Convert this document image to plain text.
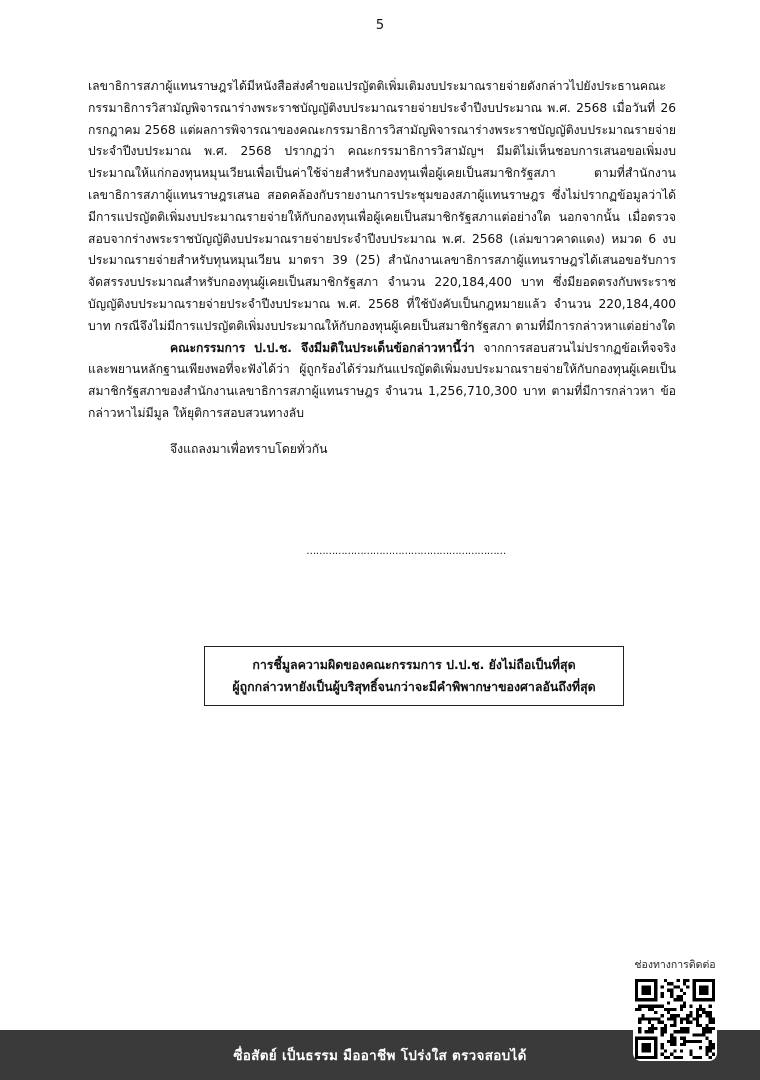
5

เลขาธิการสภาผู้แทนราษฎรได้มีหนังสือส่งคำขอแปรญัตติเพิ่มเติมงบประมาณรายจ่ายดังกล่าวไปยังประธานคณะกรรมาธิการวิสามัญพิจารณาร่างพระราชบัญญัติงบประมาณรายจ่ายประจำปีงบประมาณ พ.ศ. 2568 เมื่อวันที่ 26 กรกฎาคม 2568 แต่ผลการพิจารณาของคณะกรรมาธิการวิสามัญพิจารณาร่างพระราชบัญญัติงบประมาณรายจ่ายประจำปีงบประมาณ พ.ศ. 2568 ปรากฏว่า คณะกรรมาธิการวิสามัญฯ มีมติไม่เห็นชอบการเสนอขอเพิ่มงบประมาณให้แก่กองทุนหมุนเวียนเพื่อเป็นค่าใช้จ่ายสำหรับกองทุนเพื่อผู้เคยเป็นสมาชิกรัฐสภา ตามที่สำนักงานเลขาธิการสภาผู้แทนราษฎรเสนอ สอดคล้องกับรายงานการประชุมของสภาผู้แทนราษฎร ซึ่งไม่ปรากฏข้อมูลว่าได้มีการแปรญัตติเพิ่มงบประมาณรายจ่ายให้กับกองทุนเพื่อผู้เคยเป็นสมาชิกรัฐสภาแต่อย่างใด นอกจากนั้น เมื่อตรวจสอบจากร่างพระราชบัญญัติงบประมาณรายจ่ายประจำปีงบประมาณ พ.ศ. 2568 (เล่มขาวคาดแดง) หมวด 6 งบประมาณรายจ่ายสำหรับทุนหมุนเวียน มาตรา 39 (25) สำนักงานเลขาธิการสภาผู้แทนราษฎรได้เสนอขอรับการจัดสรรงบประมาณสำหรับกองทุนผู้เคยเป็นสมาชิกรัฐสภา จำนวน 220,184,400 บาท ซึ่งมียอดตรงกับพระราชบัญญัติงบประมาณรายจ่ายประจำปีงบประมาณ พ.ศ. 2568 ที่ใช้บังคับเป็นกฎหมายแล้ว จำนวน 220,184,400 บาท กรณีจึงไม่มีการแปรญัตติเพิ่มงบประมาณให้กับกองทุนผู้เคยเป็นสมาชิกรัฐสภา ตามที่มีการกล่าวหาแต่อย่างใด

คณะกรรมการ ป.ป.ช. จึงมีมติในประเด็นข้อกล่าวหานี้ว่า จากการสอบสวนไม่ปรากฏข้อเท็จจริงและพยานหลักฐานเพียงพอที่จะฟังได้ว่า ผู้ถูกร้องได้ร่วมกันแปรญัตติเพิ่มงบประมาณรายจ่ายให้กับกองทุนผู้เคยเป็นสมาชิกรัฐสภาของสำนักงานเลขาธิการสภาผู้แทนราษฎร จำนวน 1,256,710,300 บาท ตามที่มีการกล่าวหา ข้อกล่าวหาไม่มีมูล ให้ยุติการสอบสวนทางลับ

จึงแถลงมาเพื่อทราบโดยทั่วกัน

………………………………………………………
การชี้มูลความผิดของคณะกรรมการ ป.ป.ช. ยังไม่ถือเป็นที่สุด
ผู้ถูกกล่าวหายังเป็นผู้บริสุทธิ์จนกว่าจะมีคำพิพากษาของศาลอันถึงที่สุด
ช่องทางการติดต่อ
ซื่อสัตย์ เป็นธรรม มืออาชีพ โปร่งใส ตรวจสอบได้
